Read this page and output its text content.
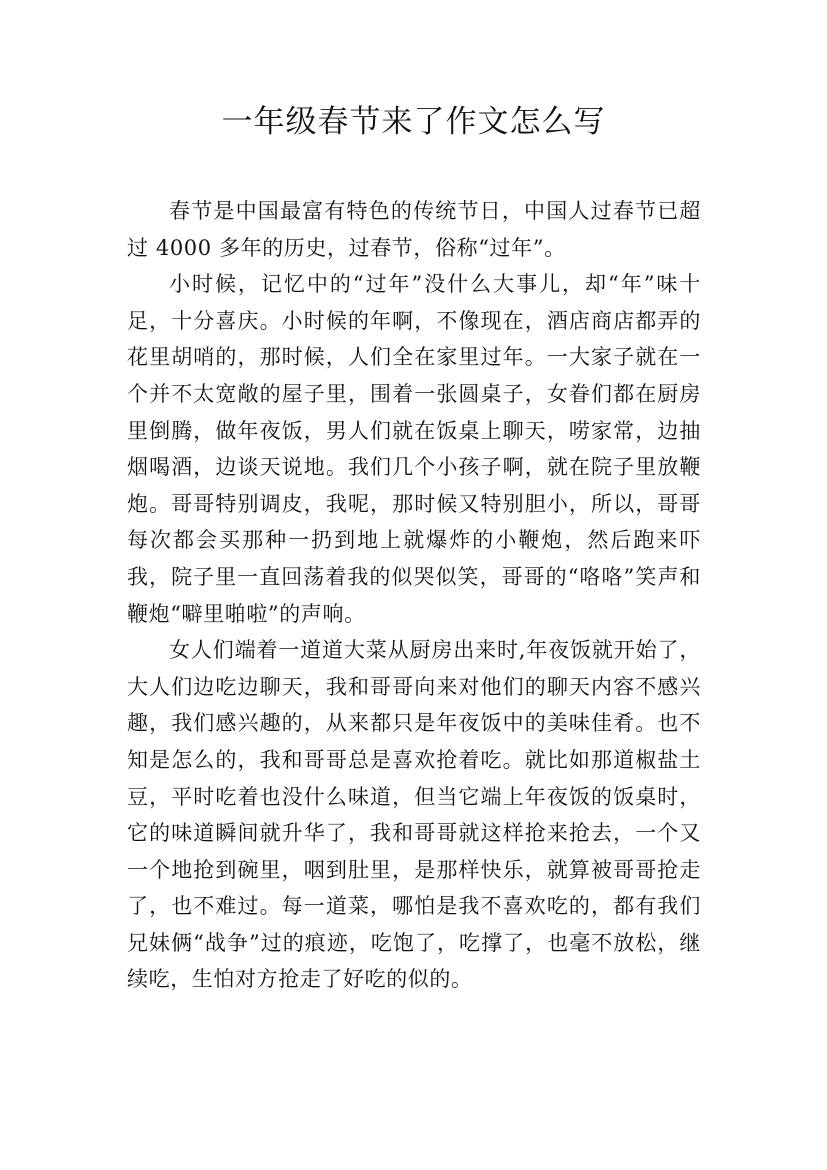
一年级春节来了作文怎么写

春节是中国最富有特色的传统节日，中国人过春节已超过 4000 多年的历史，过春节，俗称“过年”。

小时候，记忆中的“过年”没什么大事儿，却“年”味十足，十分喜庆。小时候的年啊，不像现在，酒店商店都弄的花里胡哨的，那时候，人们全在家里过年。一大家子就在一个并不太宽敞的屋子里，围着一张圆桌子，女眷们都在厨房里倒腾，做年夜饭，男人们就在饭桌上聊天，唠家常，边抽烟喝酒，边谈天说地。我们几个小孩子啊，就在院子里放鞭炮。哥哥特别调皮，我呢，那时候又特别胆小，所以，哥哥每次都会买那种一扔到地上就爆炸的小鞭炮，然后跑来吓我，院子里一直回荡着我的似哭似笑，哥哥的“咯咯”笑声和鞭炮“噼里啪啦”的声响。

女人们端着一道道大菜从厨房出来时,年夜饭就开始了，大人们边吃边聊天，我和哥哥向来对他们的聊天内容不感兴趣，我们感兴趣的，从来都只是年夜饭中的美味佳肴。也不知是怎么的，我和哥哥总是喜欢抢着吃。就比如那道椒盐土豆，平时吃着也没什么味道，但当它端上年夜饭的饭桌时，它的味道瞬间就升华了，我和哥哥就这样抢来抢去，一个又一个地抢到碗里，咽到肚里，是那样快乐，就算被哥哥抢走了，也不难过。每一道菜，哪怕是我不喜欢吃的，都有我们兄妹俩“战争”过的痕迹，吃饱了，吃撑了，也毫不放松，继续吃，生怕对方抢走了好吃的似的。
